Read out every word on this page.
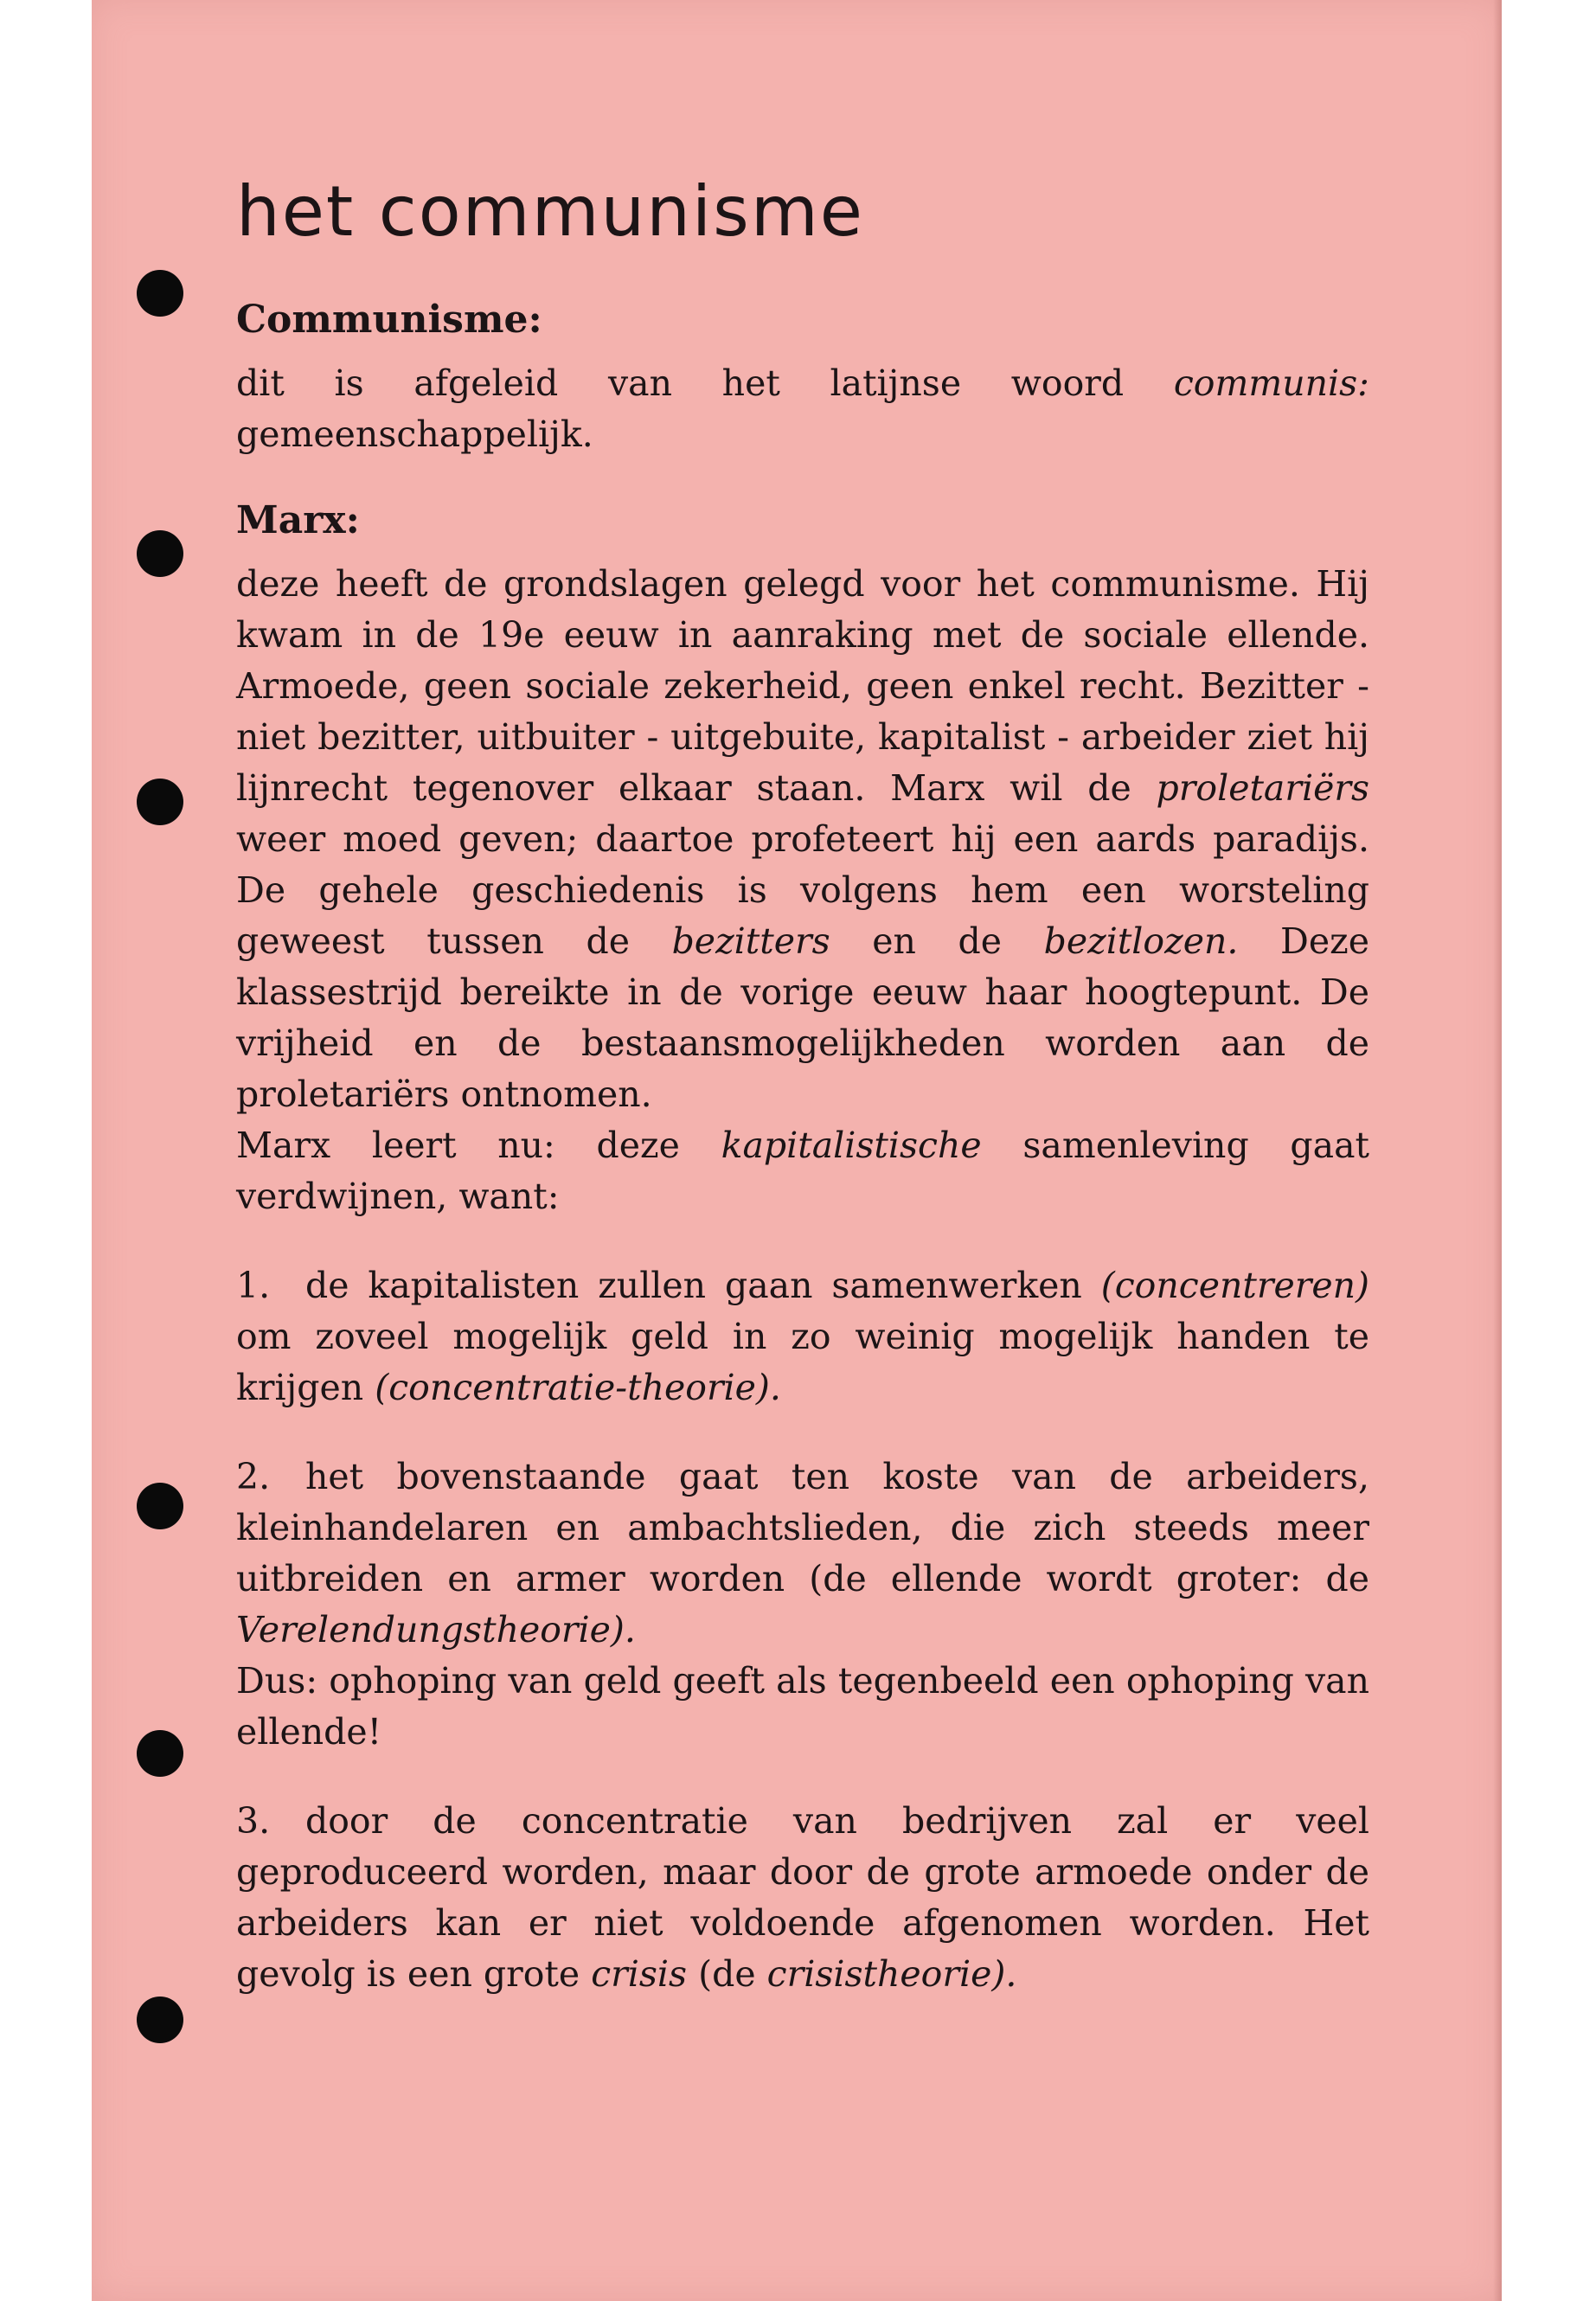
het communisme
Communisme:

dit is afgeleid van het latijnse woord communis: gemeenschappelijk.

Marx:

deze heeft de grondslagen gelegd voor het communisme. Hij kwam in de 19e eeuw in aanraking met de sociale ellende. Armoede, geen sociale zekerheid, geen enkel recht. Bezitter - niet bezitter, uitbuiter - uitgebuite, kapitalist - arbeider ziet hij lijnrecht tegenover elkaar staan. Marx wil de proletariërs weer moed geven; daartoe profeteert hij een aards paradijs. De gehele geschiedenis is volgens hem een worsteling geweest tussen de bezitters en de bezitlozen. Deze klassestrijd bereikte in de vorige eeuw haar hoogtepunt. De vrijheid en de bestaansmogelijkheden worden aan de proletariërs ontnomen.

Marx leert nu: deze kapitalistische samenleving gaat verdwijnen, want:

1. de kapitalisten zullen gaan samenwerken (concentreren) om zoveel mogelijk geld in zo weinig mogelijk handen te krijgen (concentratie-theorie).

2. het bovenstaande gaat ten koste van de arbeiders, kleinhandelaren en ambachtslieden, die zich steeds meer uitbreiden en armer worden (de ellende wordt groter: de Verelendungstheorie).

Dus: ophoping van geld geeft als tegenbeeld een ophoping van ellende!

3. door de concentratie van bedrijven zal er veel geproduceerd worden, maar door de grote armoede onder de arbeiders kan er niet voldoende afgenomen worden. Het gevolg is een grote crisis (de crisistheorie).
